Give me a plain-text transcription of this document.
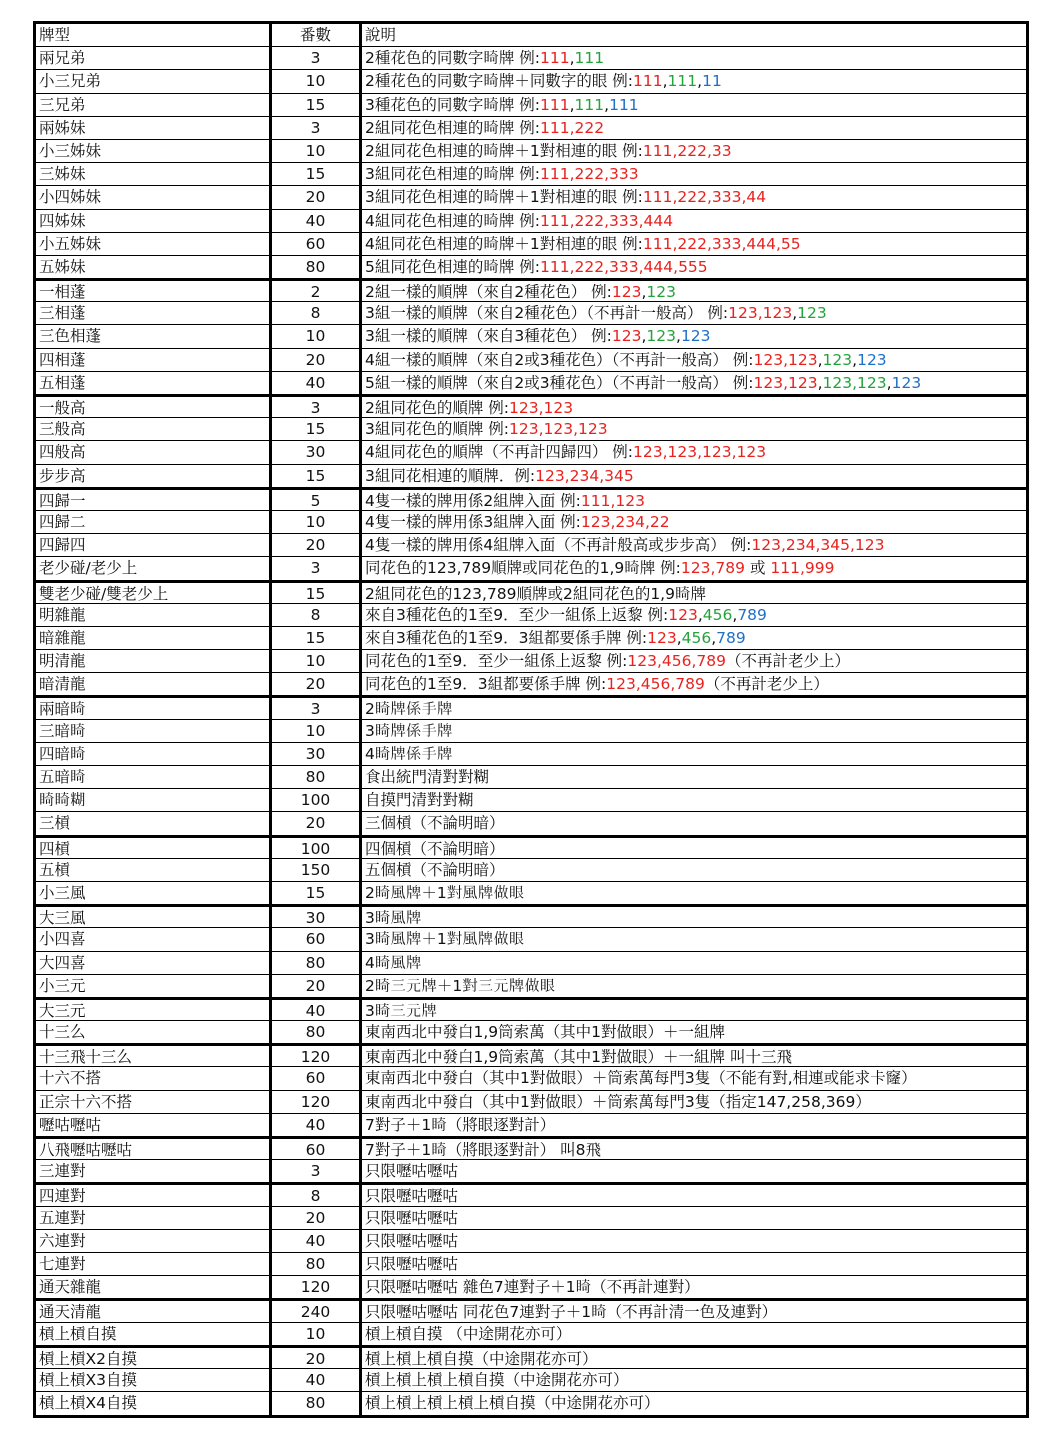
牌型	番數	說明
兩兄弟	3	2種花色的同數字𥇚牌 例:111,111
小三兄弟	10	2種花色的同數字𥇚牌＋同數字的眼 例:111,111,11
三兄弟	15	3種花色的同數字𥇚牌 例:111,111,111
兩姊妹	3	2組同花色相連的𥇚牌 例:111,222
小三姊妹	10	2組同花色相連的𥇚牌＋1對相連的眼 例:111,222,33
三姊妹	15	3組同花色相連的𥇚牌 例:111,222,333
小四姊妹	20	3組同花色相連的𥇚牌＋1對相連的眼 例:111,222,333,44
四姊妹	40	4組同花色相連的𥇚牌 例:111,222,333,444
小五姊妹	60	4組同花色相連的𥇚牌＋1對相連的眼 例:111,222,333,444,55
五姊妹	80	5組同花色相連的𥇚牌 例:111,222,333,444,555
一相蓬	2	2組一樣的順牌（來自2種花色） 例:123,123
三相蓬	8	3組一樣的順牌（來自2種花色）（不再計一般高） 例:123,123,123
三色相蓬	10	3組一樣的順牌（來自3種花色） 例:123,123,123
四相蓬	20	4組一樣的順牌（來自2或3種花色）（不再計一般高） 例:123,123,123,123
五相蓬	40	5組一樣的順牌（來自2或3種花色）（不再計一般高） 例:123,123,123,123,123
一般高	3	2組同花色的順牌 例:123,123
三般高	15	3組同花色的順牌 例:123,123,123
四般高	30	4組同花色的順牌（不再計四歸四） 例:123,123,123,123
步步高	15	3組同花相連的順牌．例:123,234,345
四歸一	5	4隻一樣的牌用係2組牌入面 例:111,123
四歸二	10	4隻一樣的牌用係3組牌入面 例:123,234,22
四歸四	20	4隻一樣的牌用係4組牌入面（不再計般高或步步高） 例:123,234,345,123
老少碰/老少上	3	同花色的123,789順牌或同花色的1,9𥇚牌 例:123,789 或 111,999
雙老少碰/雙老少上	15	2組同花色的123,789順牌或2組同花色的1,9𥇚牌
明雜龍	8	來自3種花色的1至9．至少一組係上返黎 例:123,456,789
暗雜龍	15	來自3種花色的1至9．3組都要係手牌 例:123,456,789
明清龍	10	同花色的1至9．至少一組係上返黎 例:123,456,789（不再計老少上）
暗清龍	20	同花色的1至9．3組都要係手牌 例:123,456,789（不再計老少上）
兩暗𥇚	3	2𥇚牌係手牌
三暗𥇚	10	3𥇚牌係手牌
四暗𥇚	30	4𥇚牌係手牌
五暗𥇚	80	食出統門清對對糊
𥇚𥇚糊	100	自摸門清對對糊
三槓	20	三個槓（不論明暗）
四槓	100	四個槓（不論明暗）
五槓	150	五個槓（不論明暗）
小三風	15	2𥇚風牌＋1對風牌做眼
大三風	30	3𥇚風牌
小四喜	60	3𥇚風牌＋1對風牌做眼
大四喜	80	4𥇚風牌
小三元	20	2𥇚三元牌＋1對三元牌做眼
大三元	40	3𥇚三元牌
十三么	80	東南西北中發白1,9筒索萬（其中1對做眼）＋一組牌
十三飛十三么	120	東南西北中發白1,9筒索萬（其中1對做眼）＋一組牌 叫十三飛
十六不搭	60	東南西北中發白（其中1對做眼）＋筒索萬每門3隻（不能有對,相連或能求卡窿）
正宗十六不搭	120	東南西北中發白（其中1對做眼）＋筒索萬每門3隻（指定147,258,369）
嚦咕嚦咕	40	7對子＋1𥇚（將眼逐對計）
八飛嚦咕嚦咕	60	7對子＋1𥇚（將眼逐對計） 叫8飛
三連對	3	只限嚦咕嚦咕
四連對	8	只限嚦咕嚦咕
五連對	20	只限嚦咕嚦咕
六連對	40	只限嚦咕嚦咕
七連對	80	只限嚦咕嚦咕
通天雜龍	120	只限嚦咕嚦咕 雜色7連對子＋1𥇚（不再計連對）
通天清龍	240	只限嚦咕嚦咕 同花色7連對子＋1𥇚（不再計清一色及連對）
槓上槓自摸	10	槓上槓自摸 （中途開花亦可）
槓上槓X2自摸	20	槓上槓上槓自摸（中途開花亦可）
槓上槓X3自摸	40	槓上槓上槓上槓自摸（中途開花亦可）
槓上槓X4自摸	80	槓上槓上槓上槓上槓自摸（中途開花亦可）
